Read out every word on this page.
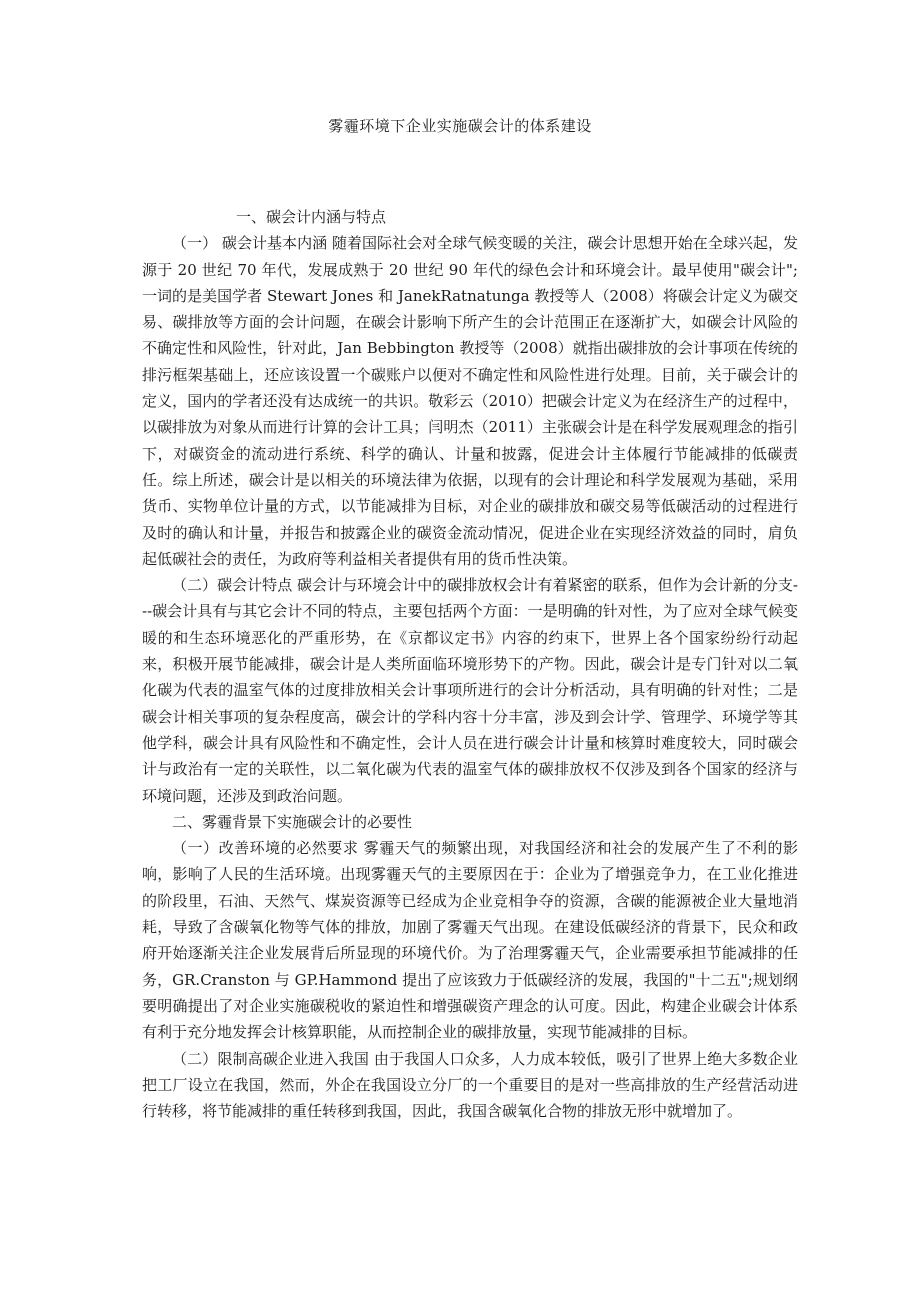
雾霾环境下企业实施碳会计的体系建设

一、碳会计内涵与特点

（一） 碳会计基本内涵 随着国际社会对全球气候变暖的关注，碳会计思想开始在全球兴起，发源于 20 世纪 70 年代，发展成熟于 20 世纪 90 年代的绿色会计和环境会计。最早使用"碳会计";一词的是美国学者 Stewart Jones 和 JanekRatnatunga 教授等人（2008）将碳会计定义为碳交易、碳排放等方面的会计问题，在碳会计影响下所产生的会计范围正在逐渐扩大，如碳会计风险的不确定性和风险性，针对此，Jan Bebbington 教授等（2008）就指出碳排放的会计事项在传统的排污框架基础上，还应该设置一个碳账户以便对不确定性和风险性进行处理。目前，关于碳会计的定义，国内的学者还没有达成统一的共识。敬彩云（2010）把碳会计定义为在经济生产的过程中，以碳排放为对象从而进行计算的会计工具；闫明杰（2011）主张碳会计是在科学发展观理念的指引下，对碳资金的流动进行系统、科学的确认、计量和披露，促进会计主体履行节能减排的低碳责任。综上所述，碳会计是以相关的环境法律为依据，以现有的会计理论和科学发展观为基础，采用货币、实物单位计量的方式，以节能减排为目标，对企业的碳排放和碳交易等低碳活动的过程进行及时的确认和计量，并报告和披露企业的碳资金流动情况，促进企业在实现经济效益的同时，肩负起低碳社会的责任，为政府等利益相关者提供有用的货币性决策。

（二）碳会计特点 碳会计与环境会计中的碳排放权会计有着紧密的联系，但作为会计新的分支---碳会计具有与其它会计不同的特点，主要包括两个方面：一是明确的针对性，为了应对全球气候变暖的和生态环境恶化的严重形势，在《京都议定书》内容的约束下，世界上各个国家纷纷行动起来，积极开展节能减排，碳会计是人类所面临环境形势下的产物。因此，碳会计是专门针对以二氧化碳为代表的温室气体的过度排放相关会计事项所进行的会计分析活动，具有明确的针对性；二是碳会计相关事项的复杂程度高，碳会计的学科内容十分丰富，涉及到会计学、管理学、环境学等其他学科，碳会计具有风险性和不确定性，会计人员在进行碳会计计量和核算时难度较大，同时碳会计与政治有一定的关联性，以二氧化碳为代表的温室气体的碳排放权不仅涉及到各个国家的经济与环境问题，还涉及到政治问题。

二、雾霾背景下实施碳会计的必要性

（一）改善环境的必然要求 雾霾天气的频繁出现，对我国经济和社会的发展产生了不利的影响，影响了人民的生活环境。出现雾霾天气的主要原因在于：企业为了增强竞争力，在工业化推进的阶段里，石油、天然气、煤炭资源等已经成为企业竞相争夺的资源，含碳的能源被企业大量地消耗，导致了含碳氧化物等气体的排放，加剧了雾霾天气出现。在建设低碳经济的背景下，民众和政府开始逐渐关注企业发展背后所显现的环境代价。为了治理雾霾天气，企业需要承担节能减排的任务，GR.Cranston 与 GP.Hammond 提出了应该致力于低碳经济的发展，我国的"十二五";规划纲要明确提出了对企业实施碳税收的紧迫性和增强碳资产理念的认可度。因此，构建企业碳会计体系有利于充分地发挥会计核算职能，从而控制企业的碳排放量，实现节能减排的目标。

（二）限制高碳企业进入我国 由于我国人口众多，人力成本较低，吸引了世界上绝大多数企业把工厂设立在我国，然而，外企在我国设立分厂的一个重要目的是对一些高排放的生产经营活动进行转移，将节能减排的重任转移到我国，因此，我国含碳氧化合物的排放无形中就增加了。
